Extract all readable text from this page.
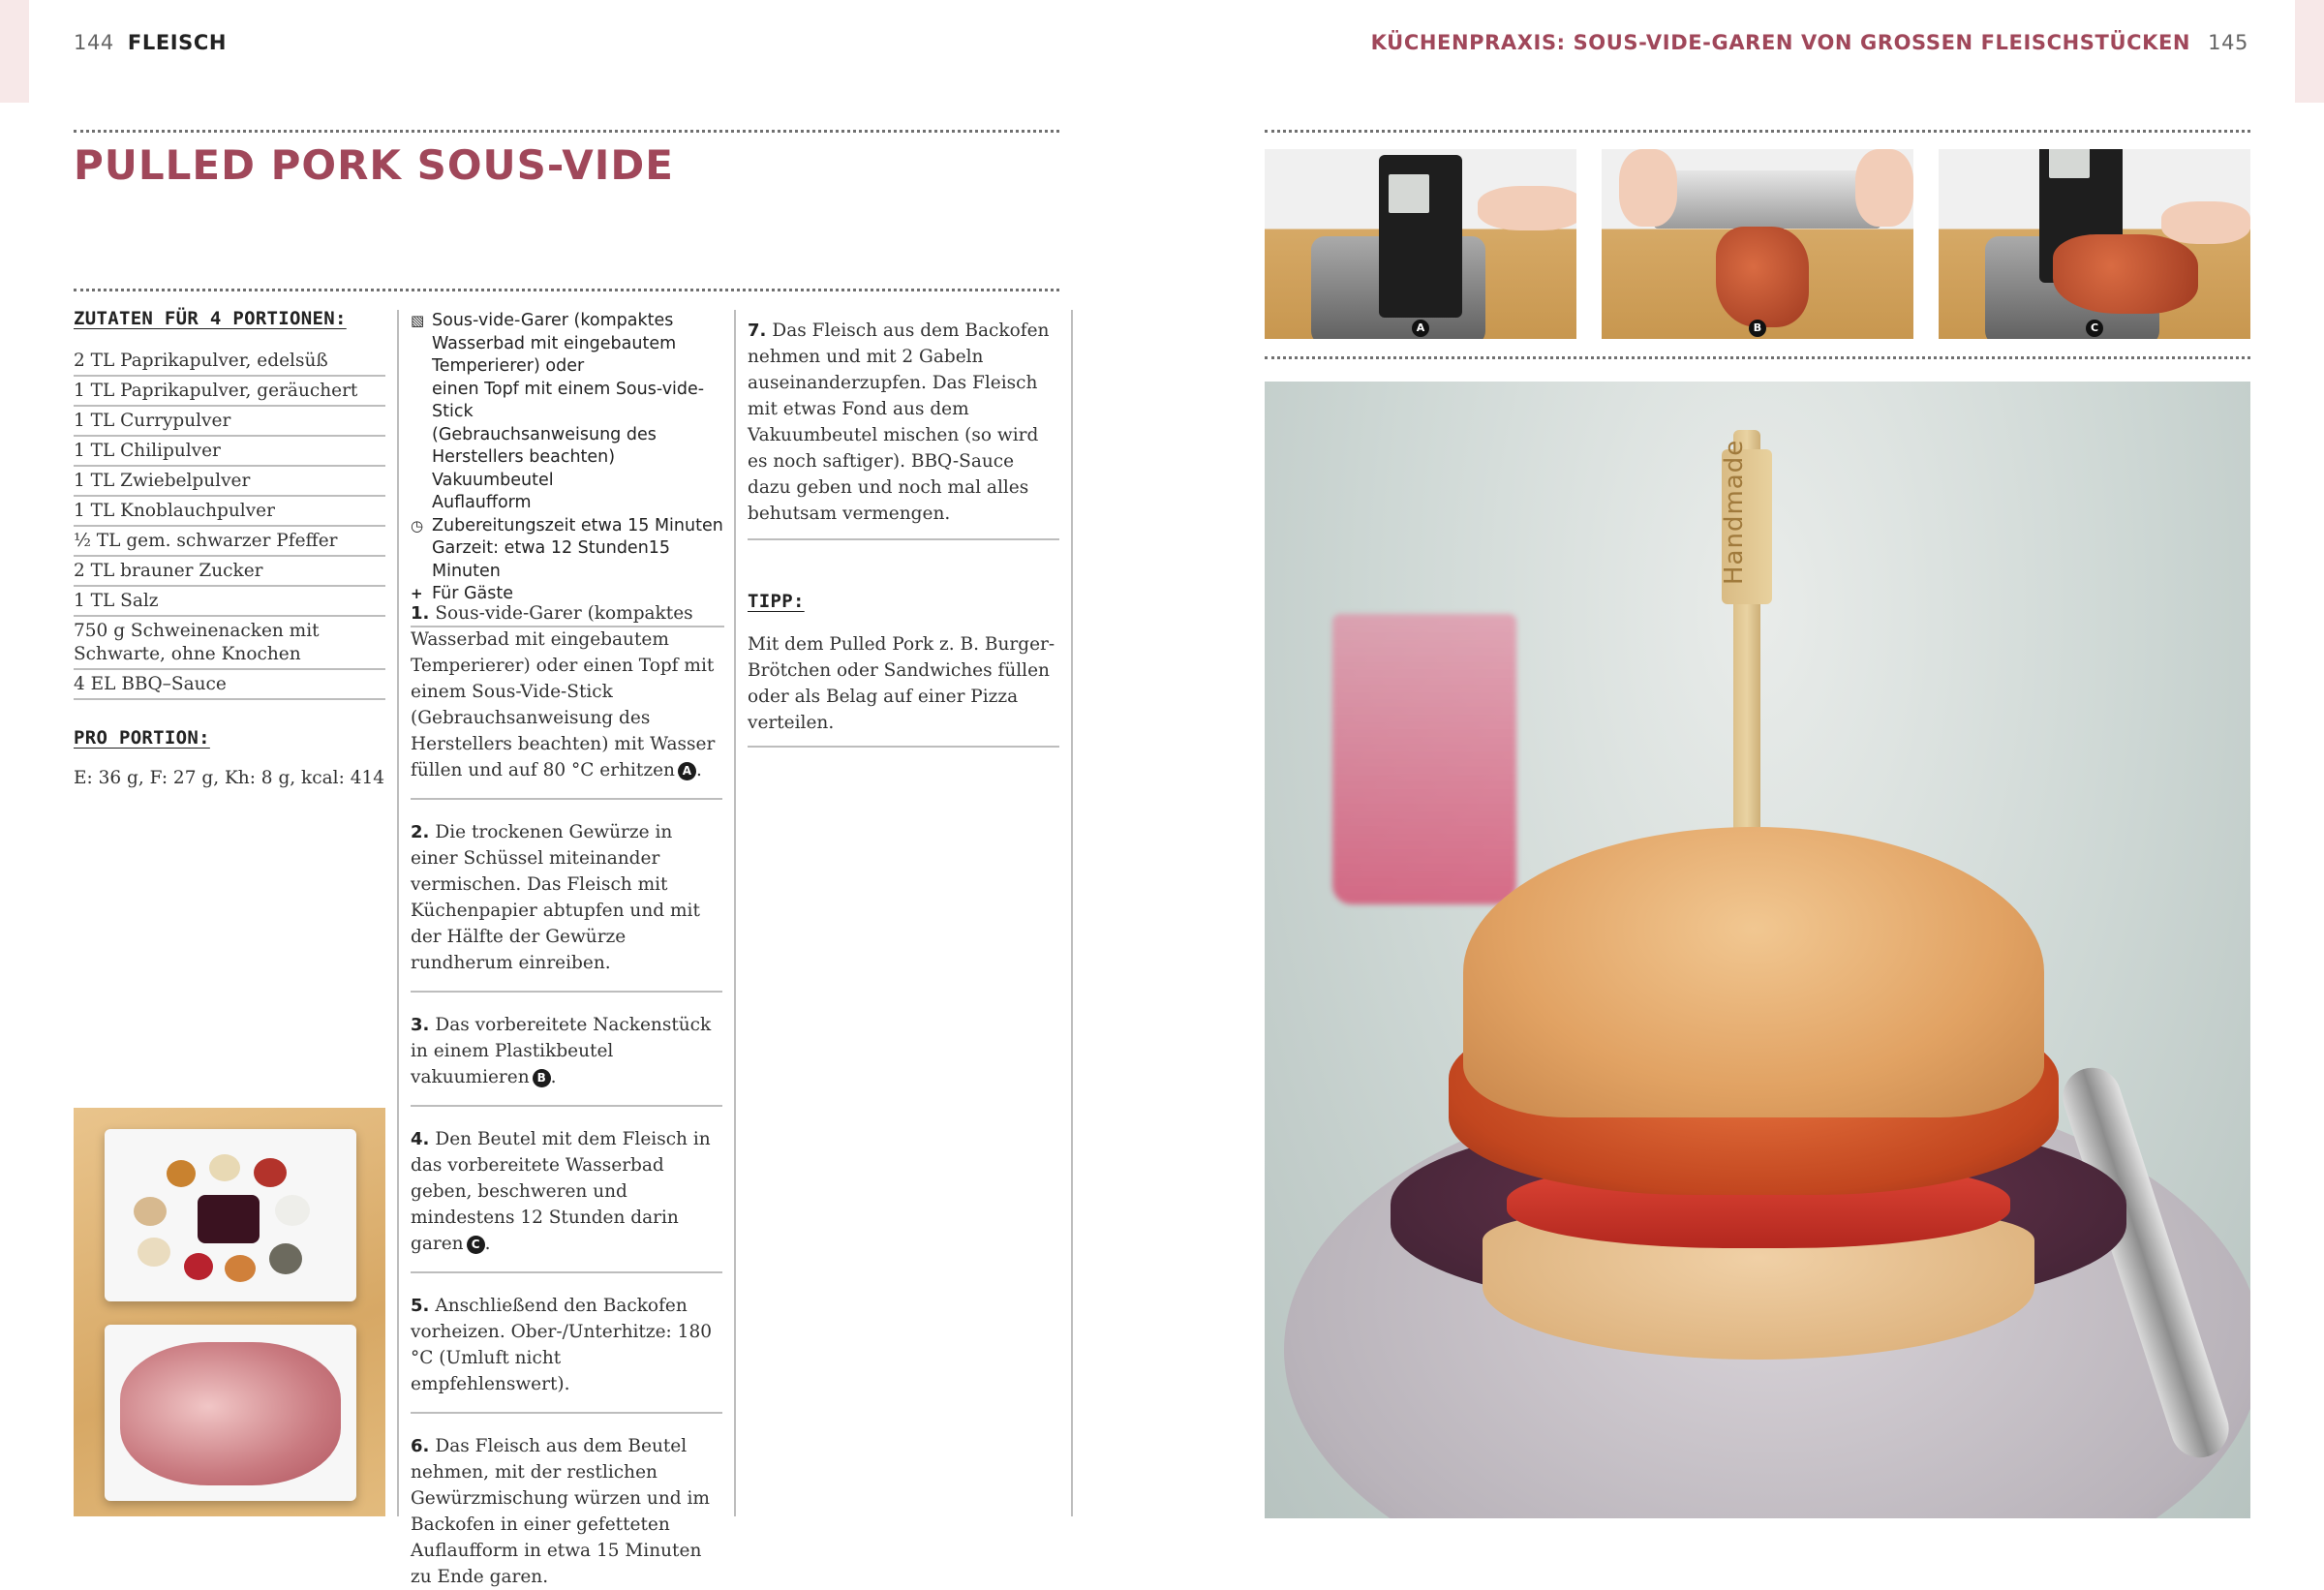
144 FLEISCH	KÜCHENPRAXIS: SOUS-VIDE-GAREN VON GROSSEN FLEISCHSTÜCKEN 145
PULLED PORK SOUS-VIDE
ZUTATEN FÜR 4 PORTIONEN:
2 TL Paprikapulver, edelsüß
1 TL Paprikapulver, geräuchert
1 TL Currypulver
1 TL Chilipulver
1 TL Zwiebelpulver
1 TL Knoblauchpulver
½ TL gem. schwarzer Pfeffer
2 TL brauner Zucker
1 TL Salz
750 g Schweinenacken mit Schwarte, ohne Knochen
4 EL BBQ–Sauce
PRO PORTION:
E: 36 g, F: 27 g, Kh: 8 g, kcal: 414
▧ Sous-vide-Garer (kompaktes
Wasserbad mit eingebautem
Temperierer) oder
einen Topf mit einem Sous-vide-Stick
(Gebrauchsanweisung des
Herstellers beachten)
Vakuumbeutel
Auflaufform
◷ Zubereitungszeit etwa 15 Minuten
Garzeit: etwa 12 Stunden15 Minuten
+ Für Gäste
1. Sous-vide-Garer (kompaktes Wasserbad mit eingebautem Temperierer) oder einen Topf mit einem Sous-Vide-Stick (Gebrauchsanweisung des Herstellers beachten) mit Wasser füllen und auf 80 °C erhitzen A .
2. Die trockenen Gewürze in einer Schüssel miteinander vermischen. Das Fleisch mit Küchenpapier abtupfen und mit der Hälfte der Gewürze rundherum einreiben.
3. Das vorbereitete Nackenstück in einem Plastikbeutel vakuumieren B .
4. Den Beutel mit dem Fleisch in das vorbereitete Wasserbad geben, beschweren und mindestens 12 Stunden darin garen C .
5. Anschließend den Backofen vorheizen. Ober-/Unterhitze: 180 °C (Umluft nicht empfehlenswert).
6. Das Fleisch aus dem Beutel nehmen, mit der restlichen Gewürzmischung würzen und im Backofen in einer gefetteten Auflaufform in etwa 15 Minuten zu Ende garen.
7. Das Fleisch aus dem Backofen nehmen und mit 2 Gabeln auseinanderzupfen. Das Fleisch mit etwas Fond aus dem Vakuumbeutel mischen (so wird es noch saftiger). BBQ-Sauce dazu geben und noch mal alles behutsam vermengen.
TIPP:
Mit dem Pulled Pork z. B. Burger-Brötchen oder Sandwiches füllen oder als Belag auf einer Pizza verteilen.
A	B	C
Handmade
